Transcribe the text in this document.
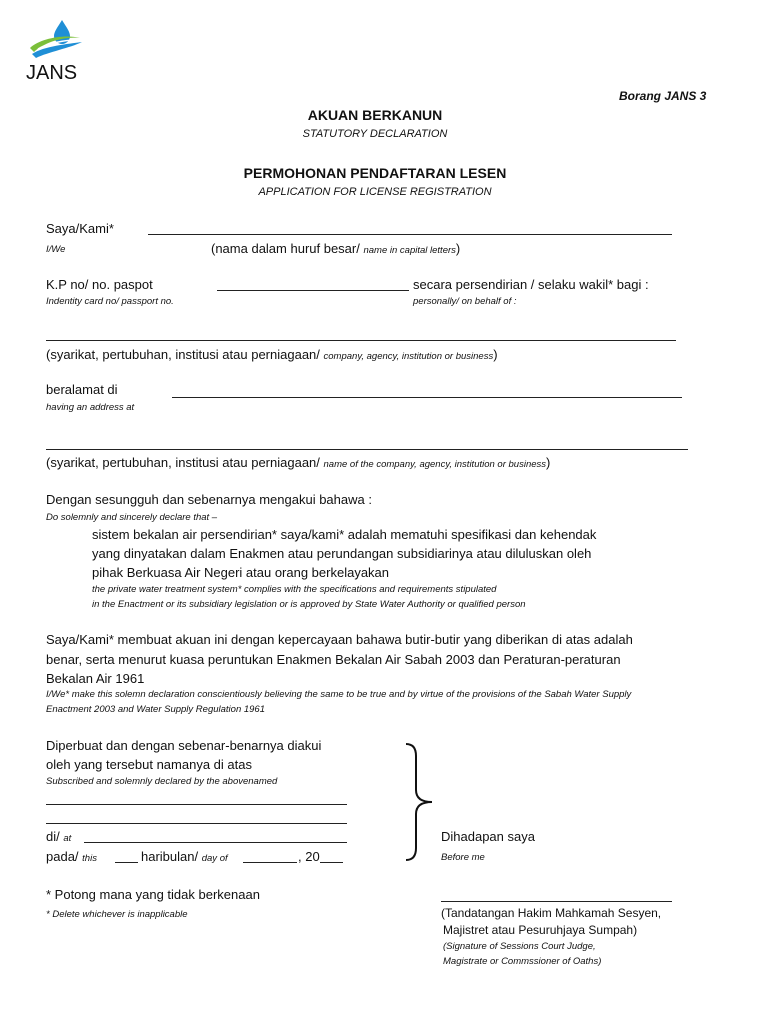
JANS
Borang JANS 3
AKUAN BERKANUN
STATUTORY DECLARATION
PERMOHONAN PENDAFTARAN LESEN
APPLICATION FOR LICENSE REGISTRATION
Saya/Kami*
I/We	(nama dalam huruf besar/ name in capital letters)
K.P no/ no. paspot	secara persendirian / selaku wakil* bagi :
Indentity card no/ passport no.	personally/ on behalf of :
(syarikat, pertubuhan, institusi atau perniagaan/ company, agency, institution or business)
beralamat di
having an address at
(syarikat, pertubuhan, institusi atau perniagaan/ name of the company, agency, institution or business)
Dengan sesungguh dan sebenarnya mengakui bahawa :
Do solemnly and sincerely declare that –
sistem bekalan air persendirian* saya/kami* adalah mematuhi spesifikasi dan kehendak
yang dinyatakan dalam Enakmen atau perundangan subsidiarinya atau diluluskan oleh
pihak Berkuasa Air Negeri atau orang berkelayakan
the private water treatment system* complies with the specifications and requirements stipulated
in the Enactment or its subsidiary legislation or is approved by State Water Authority or qualified person
Saya/Kami* membuat akuan ini dengan kepercayaan bahawa butir-butir yang diberikan di atas adalah
benar, serta menurut kuasa peruntukan Enakmen Bekalan Air Sabah 2003 dan Peraturan-peraturan
Bekalan Air 1961
I/We* make this solemn declaration conscientiously believing the same to be true and by virtue of the provisions of the Sabah Water Supply
Enactment 2003 and Water Supply Regulation 1961
Diperbuat dan dengan sebenar-benarnya diakui
oleh yang tersebut namanya di atas
Subscribed and solemnly declared by the abovenamed
di/ at
pada/ this	haribulan/ day of	, 20
Dihadapan saya
Before me
* Potong mana yang tidak berkenaan
* Delete whichever is inapplicable	(Tandatangan Hakim Mahkamah Sesyen,
Majistret atau Pesuruhjaya Sumpah)
(Signature of Sessions Court Judge,
Magistrate or Commssioner of Oaths)
